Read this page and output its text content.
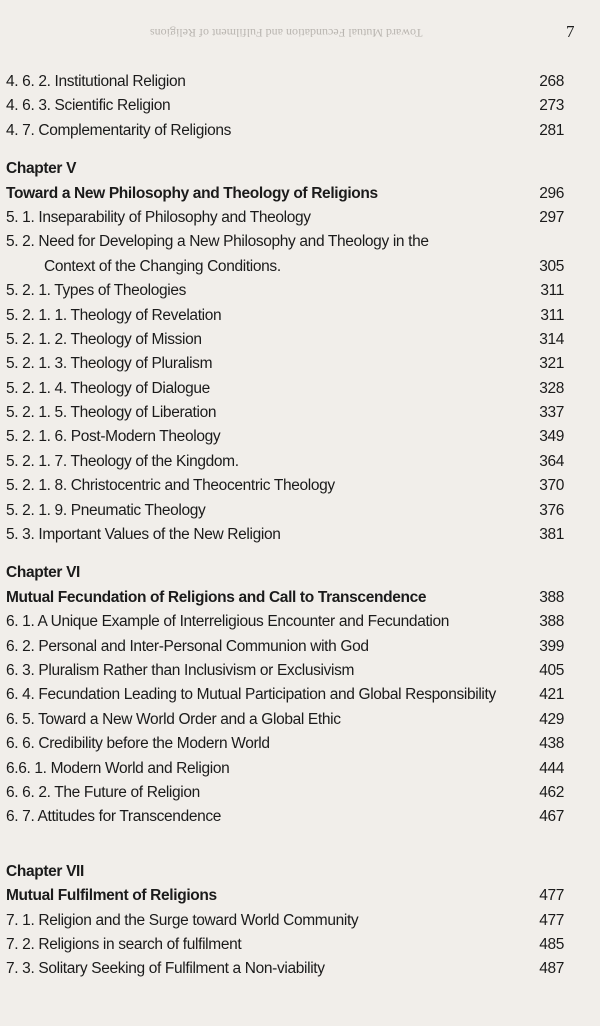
7
Toward Mutual Fecundation and Fulfilment of Religions
4. 6. 2. Institutional Religion	268
4. 6. 3. Scientific Religion	273
4. 7. Complementarity of Religions	281
Chapter V
Toward a New Philosophy and Theology of Religions	296
5. 1. Inseparability of Philosophy and Theology	297
5. 2. Need for Developing a New Philosophy and Theology in the
Context of the Changing Conditions.	305
5. 2. 1. Types of Theologies	311
5. 2. 1. 1. Theology of Revelation	311
5. 2. 1. 2. Theology of Mission	314
5. 2. 1. 3. Theology of Pluralism	321
5. 2. 1. 4. Theology of Dialogue	328
5. 2. 1. 5. Theology of Liberation	337
5. 2. 1. 6. Post-Modern Theology	349
5. 2. 1. 7. Theology of the Kingdom.	364
5. 2. 1. 8. Christocentric and Theocentric Theology	370
5. 2. 1. 9. Pneumatic Theology	376
5. 3. Important Values of the New Religion	381
Chapter VI
Mutual Fecundation of Religions and Call to Transcendence	388
6. 1. A Unique Example of Interreligious Encounter and Fecundation	388
6. 2. Personal and Inter-Personal Communion with God	399
6. 3. Pluralism Rather than Inclusivism or Exclusivism	405
6. 4. Fecundation Leading to Mutual Participation and Global Responsibility	421
6. 5. Toward a New World Order and a Global Ethic	429
6. 6. Credibility before the Modern World	438
6.6. 1. Modern World and Religion	444
6. 6. 2. The Future of Religion	462
6. 7. Attitudes for Transcendence	467
Chapter VII
Mutual Fulfilment of Religions	477
7. 1. Religion and the Surge toward World Community	477
7. 2. Religions in search of fulfilment	485
7. 3. Solitary Seeking of Fulfilment a Non-viability	487
